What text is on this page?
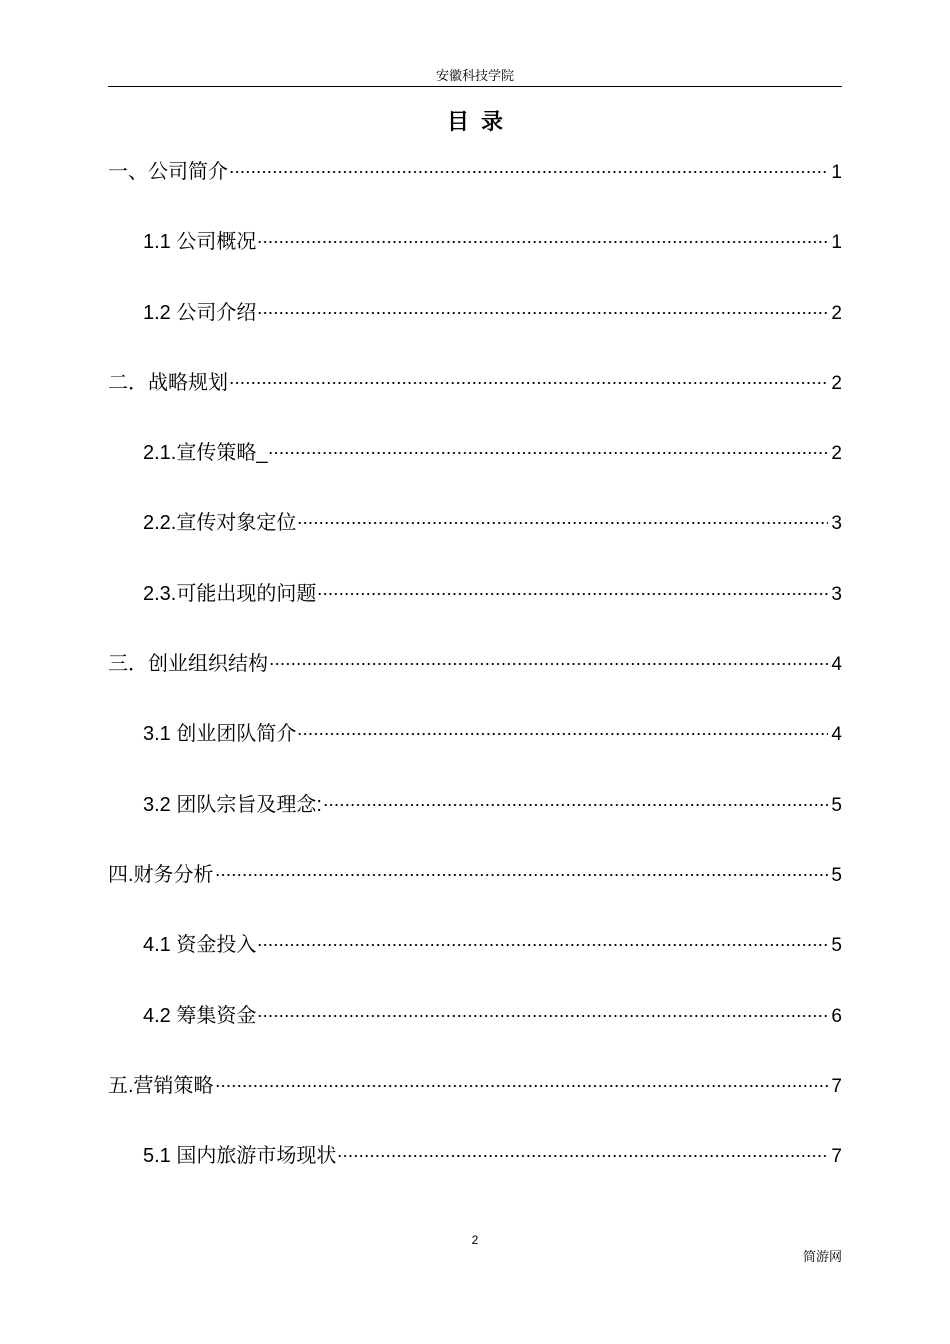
安徽科技学院
目录
一、公司简介	1
1.1 公司概况	1
1.2 公司介绍	2
二．战略规划	2
2.1.宣传策略_	2
2.2.宣传对象定位	3
2.3.可能出现的问题	3
三．创业组织结构	4
3.1 创业团队简介	4
3.2 团队宗旨及理念:	5
四.财务分析	5
4.1 资金投入	5
4.2 筹集资金	6
五.营销策略	7
5.1 国内旅游市场现状	7
2
简游网
